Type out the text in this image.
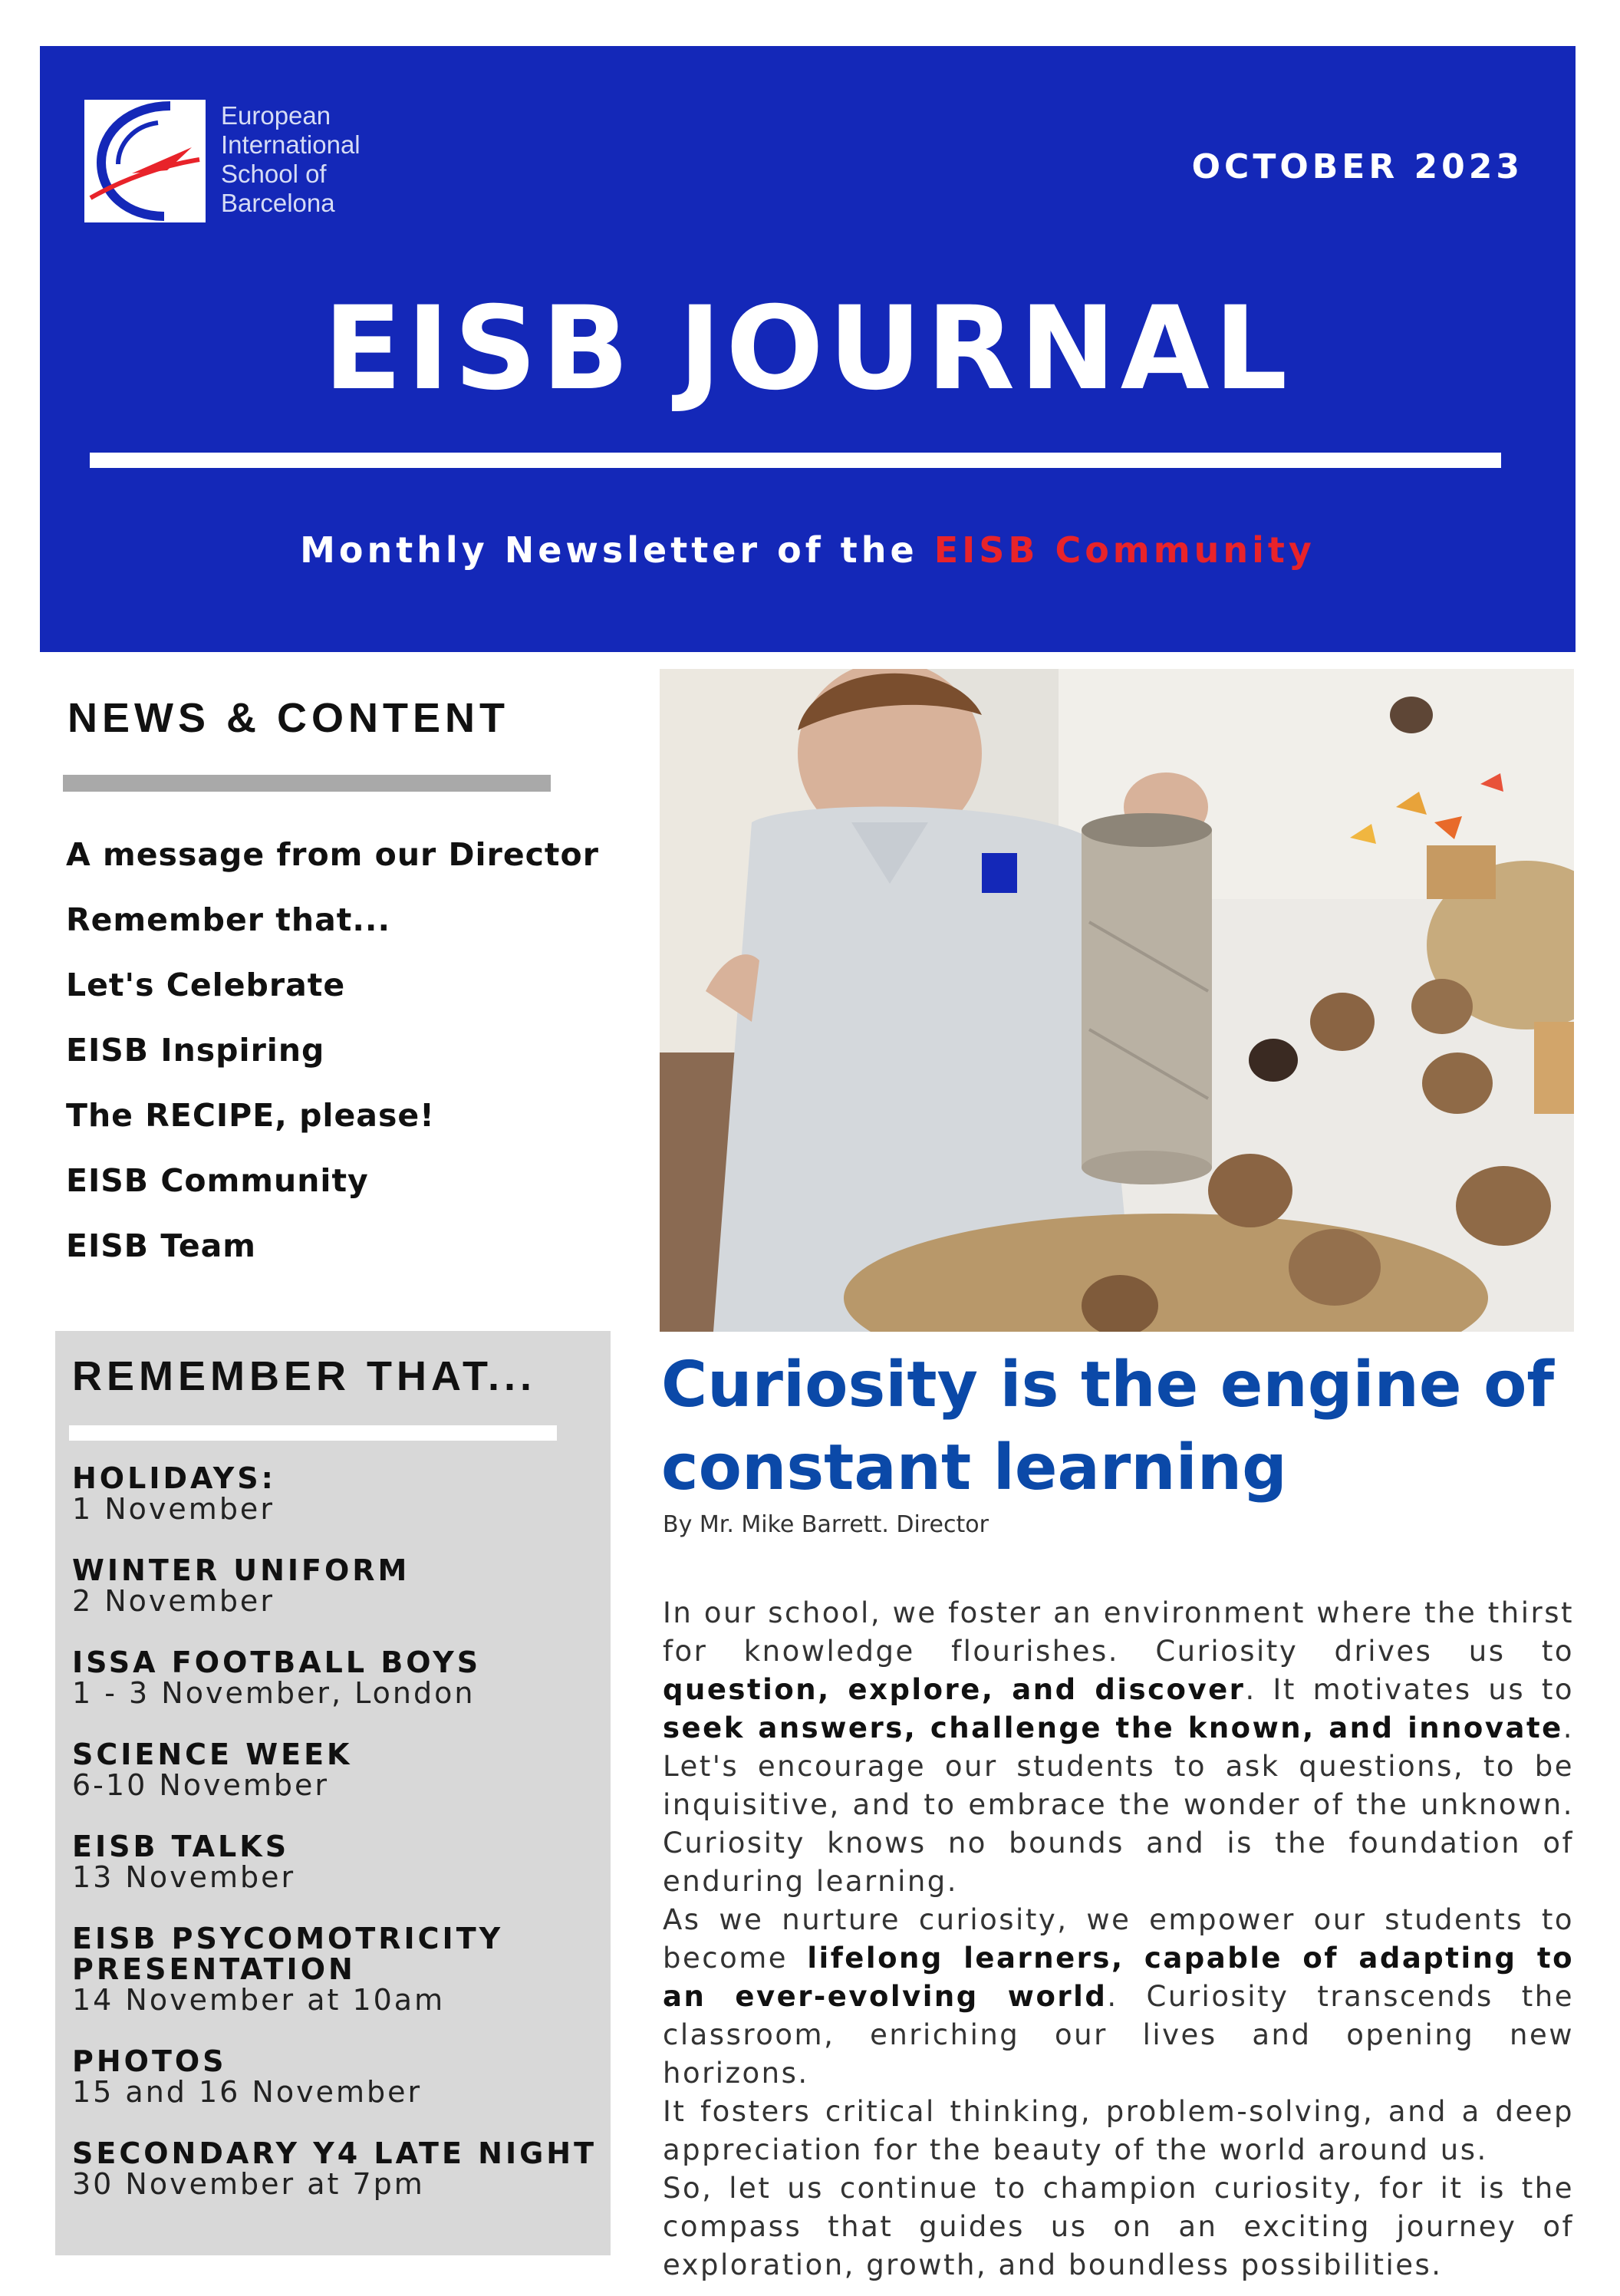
European
International
School of
Barcelona
OCTOBER 2023
EISB JOURNAL
Monthly Newsletter of the EISB Community
NEWS & CONTENT
A message from our Director
Remember that...
Let's Celebrate
EISB Inspiring
The RECIPE, please!
EISB Community
EISB Team
REMEMBER THAT...
HOLIDAYS:
1 November
WINTER UNIFORM
2 November
ISSA FOOTBALL BOYS
1 - 3 November, London
SCIENCE WEEK
6-10 November
EISB TALKS
13 November
EISB PSYCOMOTRICITY PRESENTATION
14 November at 10am
PHOTOS
15 and 16 November
SECONDARY Y4 LATE NIGHT
30 November at 7pm
Curiosity is the engine of constant learning
By Mr. Mike Barrett. Director

In our school, we foster an environment where the thirst for knowledge flourishes. Curiosity drives us to question, explore, and discover. It motivates us to seek answers, challenge the known, and innovate. Let's encourage our students to ask questions, to be inquisitive, and to embrace the wonder of the unknown. Curiosity knows no bounds and is the foundation of enduring learning.

As we nurture curiosity, we empower our students to become lifelong learners, capable of adapting to an ever-evolving world. Curiosity transcends the classroom, enriching our lives and opening new horizons.

It fosters critical thinking, problem-solving, and a deep appreciation for the beauty of the world around us.

So, let us continue to champion curiosity, for it is the compass that guides us on an exciting journey of exploration, growth, and boundless possibilities.
